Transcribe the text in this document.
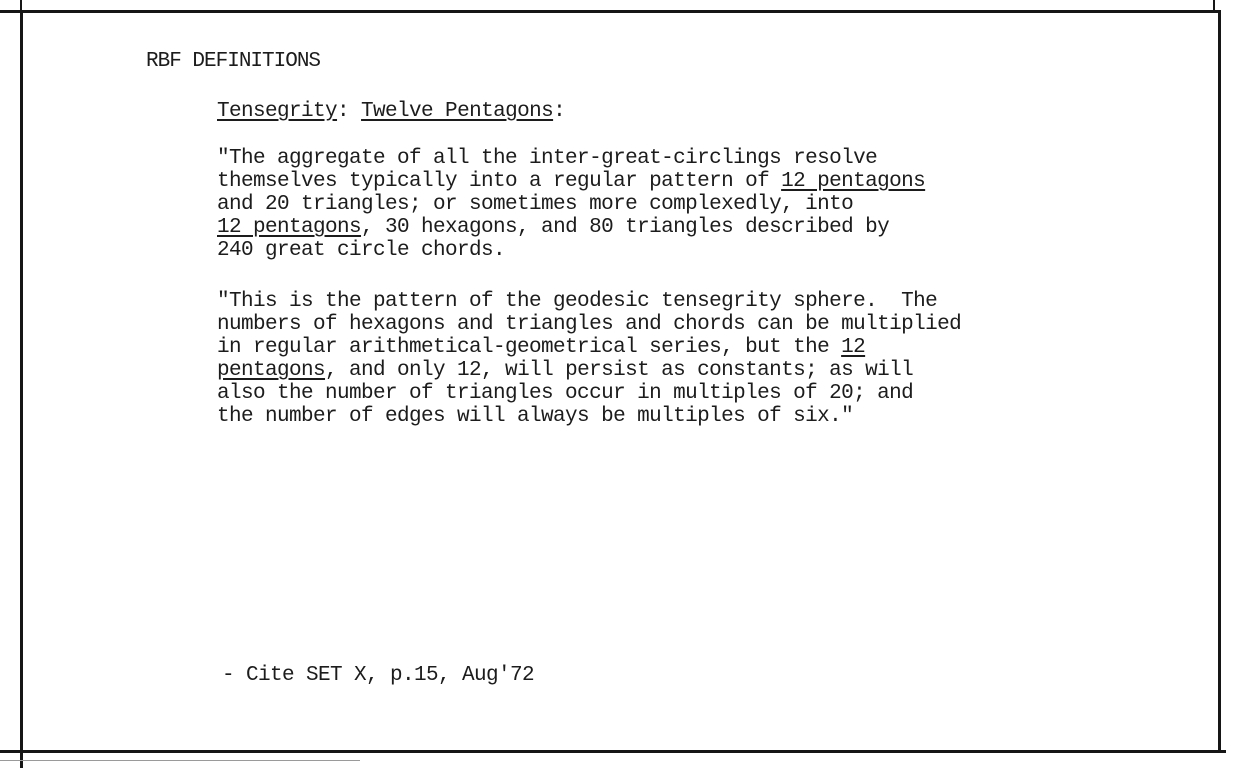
RBF DEFINITIONS
Tensegrity: Twelve Pentagons:
"The aggregate of all the inter-great-circlings resolve
themselves typically into a regular pattern of 12 pentagons
and 20 triangles; or sometimes more complexedly, into
12 pentagons, 30 hexagons, and 80 triangles described by
240 great circle chords.
"This is the pattern of the geodesic tensegrity sphere.  The
numbers of hexagons and triangles and chords can be multiplied
in regular arithmetical-geometrical series, but the 12
pentagons, and only 12, will persist as constants; as will
also the number of triangles occur in multiples of 20; and
the number of edges will always be multiples of six."
- Cite SET X, p.15, Aug'72
